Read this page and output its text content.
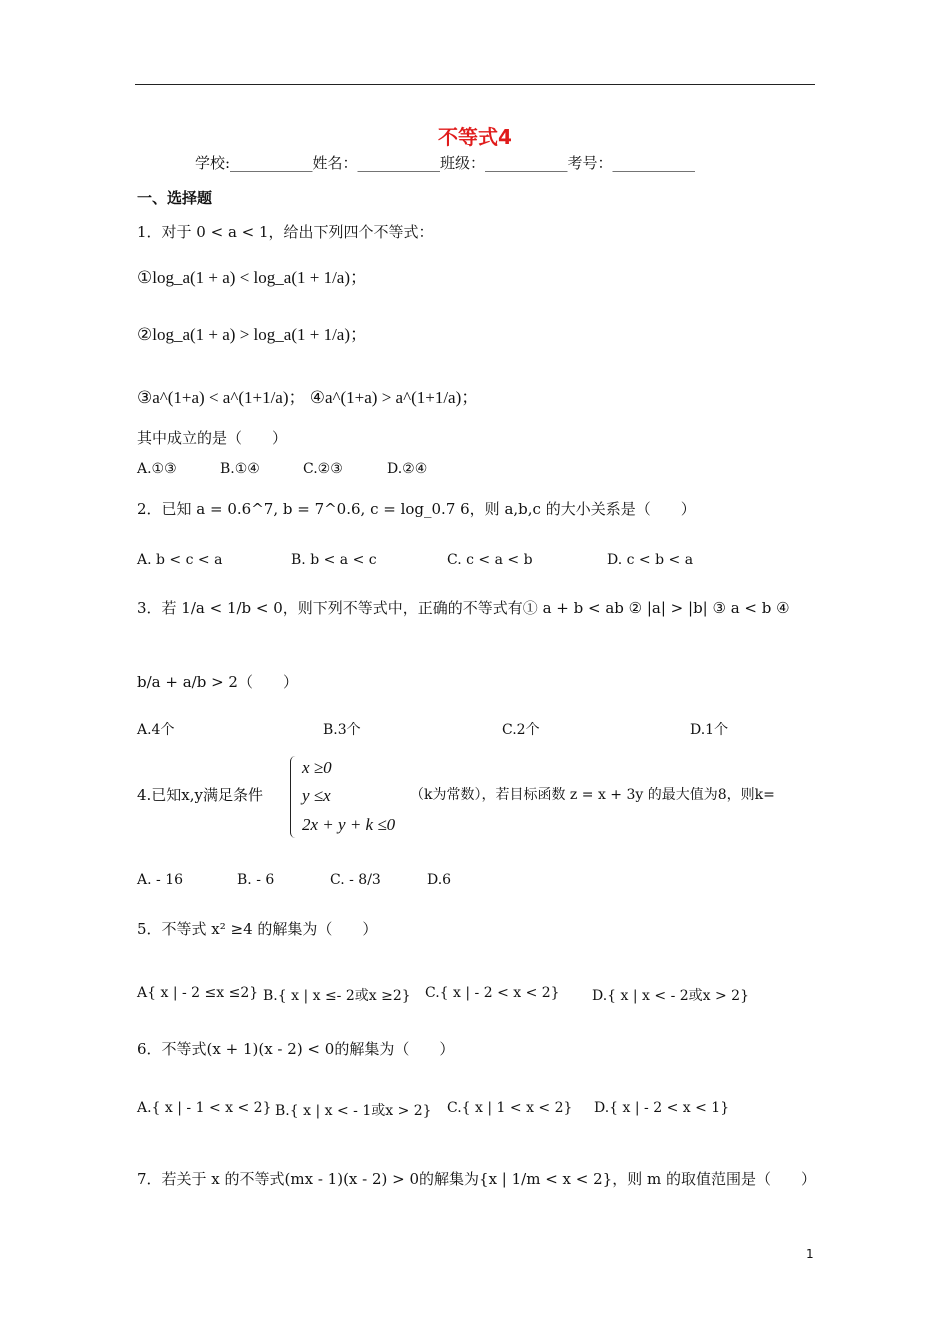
不等式4
学校:___________姓名：___________班级：___________考号：___________
一、选择题
1．对于 0 < a < 1，给出下列四个不等式：
①log_a(1 + a) < log_a(1 + 1/a)；
②log_a(1 + a) > log_a(1 + 1/a)；
③a^(1+a) < a^(1+1/a)； ④a^(1+a) > a^(1+1/a)；
其中成立的是（　　）
A.①③	B.①④	C.②③	D.②④
2．已知 a = 0.6^7, b = 7^0.6, c = log_0.7 6，则 a,b,c 的大小关系是（　　）
A. b < c < a	B. b < a < c	C. c < a < b	D. c < b < a
3．若 1/a < 1/b < 0，则下列不等式中，正确的不等式有① a + b < ab ② |a| > |b| ③ a < b ④
b/a + a/b > 2（　　）
A.4个	B.3个	C.2个	D.1个
4.已知x,y满足条件
x ≥0
y ≤x
2x + y + k ≤0
（k为常数），若目标函数 z = x + 3y 的最大值为8，则k=
A. - 16	B. - 6	C. - 8/3	D.6
5．不等式 x² ≥4 的解集为（　　）
A{ x | - 2 ≤x ≤2} B.{ x | x ≤- 2或x ≥2} C.{ x | - 2 < x < 2} D.{ x | x < - 2或x > 2}
6．不等式(x + 1)(x - 2) < 0的解集为（　　）
A.{ x | - 1 < x < 2} B.{ x | x < - 1或x > 2} C.{ x | 1 < x < 2} D.{ x | - 2 < x < 1}
7．若关于 x 的不等式(mx - 1)(x - 2) > 0的解集为{x | 1/m < x < 2}，则 m 的取值范围是（　　）
1
